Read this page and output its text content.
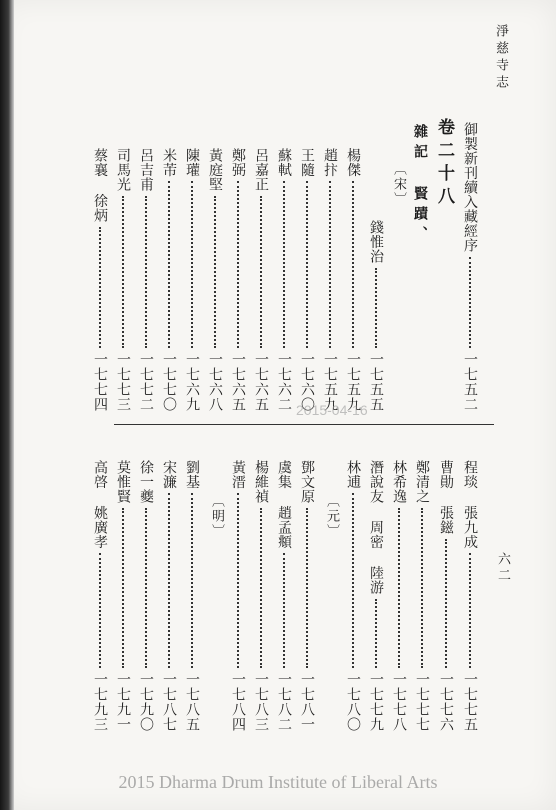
淨慈寺志
六二
御製新刊續入藏經序
一七五二
卷二十八
雜記 賢蹟、
〔宋〕
錢惟治
一七五五
楊傑
一七五九
趙抃
一七五九
王隨
一七六〇
蘇軾
一七六二
呂嘉正
一七六五
鄭弼
一七六五
黃庭堅
一七六八
陳瓘
一七六九
米芾
一七七〇
呂吉甫
一七七二
司馬光
一七七三
蔡襄 徐炳
一七七四	2015-04-16
程琰 張九成
一七七五
曹勛 張鎡
一七七六
鄭清之
一七七七
林希逸
一七七八
潛說友 周密 陸游
一七七九
林逋
一七八〇
〔元〕
鄧文原
一七八一
虞集 趙孟頫
一七八二
楊維禎
一七八三
黃溍
一七八四
〔明〕
劉基
一七八五
宋濂
一七八七
徐一夔
一七九〇
莫惟賢
一七九一
高啓 姚廣孝
一七九三
2015 Dharma Drum Institute of Liberal Arts
